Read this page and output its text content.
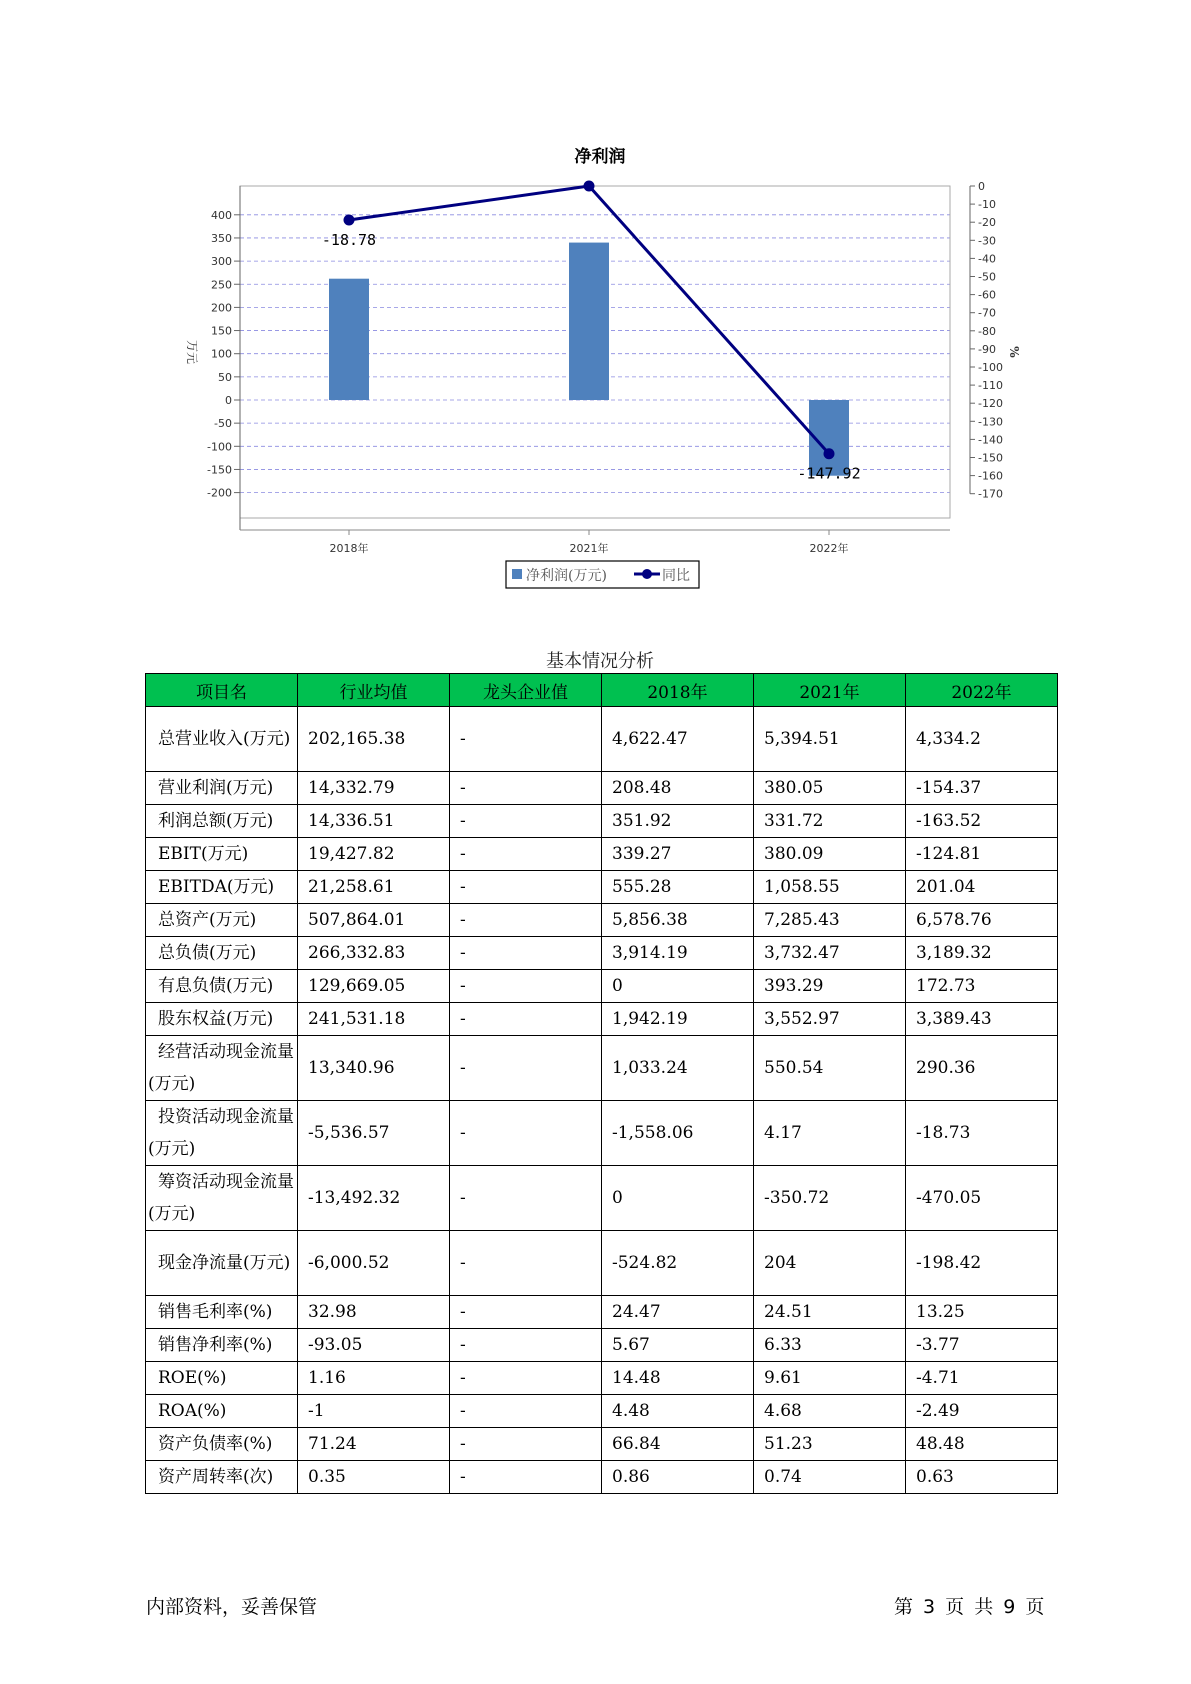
净利润
400
350
300
250
200
150
100
50
0
-50
-100
-150
-200
0
-10
-20
-30
-40
-50
-60
-70
-80
-90
-100
-110
-120
-130
-140
-150
-160
-170
2018年	2021年	2022年
万元	%
-18.78
-147.92
净利润(万元)	同比
基本情况分析
项目名	行业均值	龙头企业值	2018年	2021年	2022年
总营业收入(万元)	202,165.38	-	4,622.47	5,394.51	4,334.2
营业利润(万元)	14,332.79	-	208.48	380.05	-154.37
利润总额(万元)	14,336.51	-	351.92	331.72	-163.52
EBIT(万元)	19,427.82	-	339.27	380.09	-124.81
EBITDA(万元)	21,258.61	-	555.28	1,058.55	201.04
总资产(万元)	507,864.01	-	5,856.38	7,285.43	6,578.76
总负债(万元)	266,332.83	-	3,914.19	3,732.47	3,189.32
有息负债(万元)	129,669.05	-	0	393.29	172.73
股东权益(万元)	241,531.18	-	1,942.19	3,552.97	3,389.43
经营活动现金流量(万元)	13,340.96	-	1,033.24	550.54	290.36
投资活动现金流量(万元)	-5,536.57	-	-1,558.06	4.17	-18.73
筹资活动现金流量(万元)	-13,492.32	-	0	-350.72	-470.05
现金净流量(万元)	-6,000.52	-	-524.82	204	-198.42
销售毛利率(%)	32.98	-	24.47	24.51	13.25
销售净利率(%)	-93.05	-	5.67	6.33	-3.77
ROE(%)	1.16	-	14.48	9.61	-4.71
ROA(%)	-1	-	4.48	4.68	-2.49
资产负债率(%)	71.24	-	66.84	51.23	48.48
资产周转率(次)	0.35	-	0.86	0.74	0.63
内部资料，妥善保管	第 3 页 共 9 页
